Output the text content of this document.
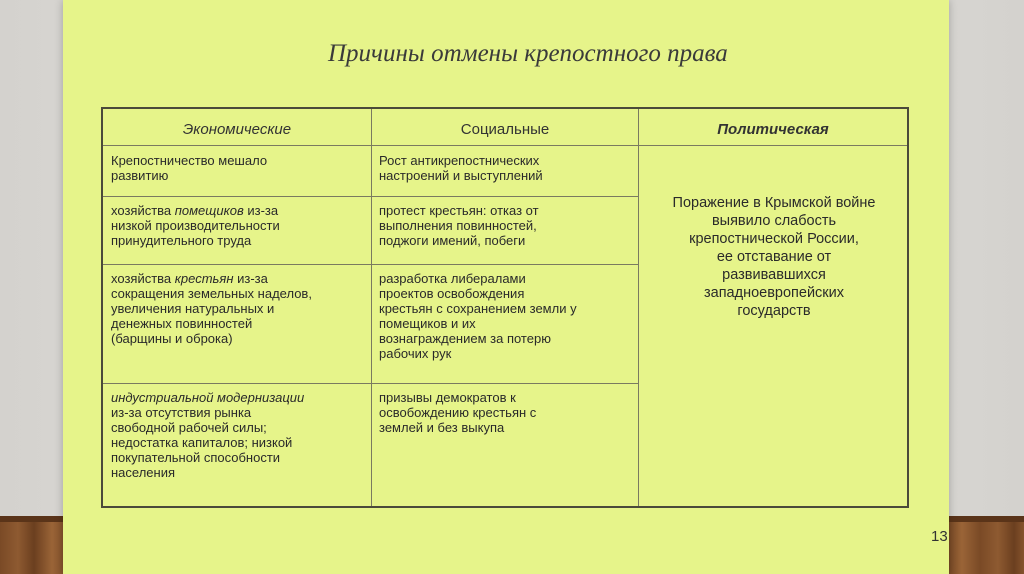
Причины отмены крепостного права
13
Экономические	Социальные	Политическая
Крепостничество мешало
развитию
Рост антикрепостнических
настроений и выступлений
хозяйства помещиков из-за
низкой производительности
принудительного труда
протест крестьян: отказ от
выполнения повинностей,
поджоги имений, побеги
хозяйства крестьян из-за
сокращения земельных наделов,
увеличения натуральных и
денежных повинностей
(барщины и оброка)
разработка либералами
проектов освобождения
крестьян с сохранением земли у
помещиков и их
вознаграждением за потерю
рабочих рук
индустриальной модернизации
из-за отсутствия рынка
свободной рабочей силы;
недостатка капиталов; низкой
покупательной способности
населения
призывы демократов к
освобождению крестьян с
землей и без выкупа
Поражение в Крымской войне
выявило слабость
крепостнической России,
ее отставание от
развивавшихся
западноевропейских
государств
